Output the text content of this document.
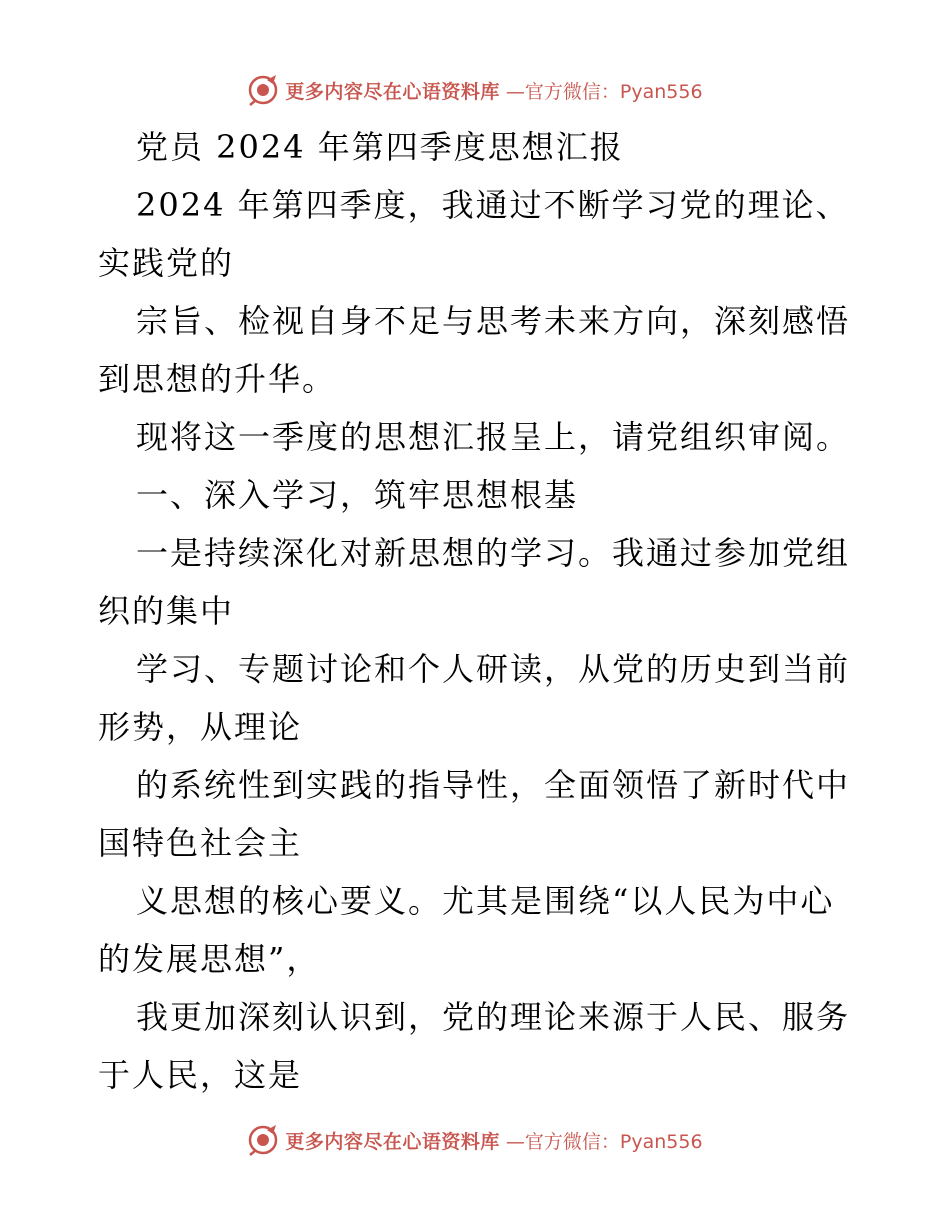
更多内容尽在心语资料库 —官方微信：Pyan556

党员 2024 年第四季度思想汇报

2024 年第四季度，我通过不断学习党的理论、

实践党的

宗旨、检视自身不足与思考未来方向，深刻感悟

到思想的升华。

现将这一季度的思想汇报呈上，请党组织审阅。

一、深入学习，筑牢思想根基

一是持续深化对新思想的学习。我通过参加党组

织的集中

学习、专题讨论和个人研读，从党的历史到当前

形势，从理论

的系统性到实践的指导性，全面领悟了新时代中

国特色社会主

义思想的核心要义。尤其是围绕“以人民为中心

的发展思想”，

我更加深刻认识到，党的理论来源于人民、服务

于人民，这是

更多内容尽在心语资料库 —官方微信：Pyan556
